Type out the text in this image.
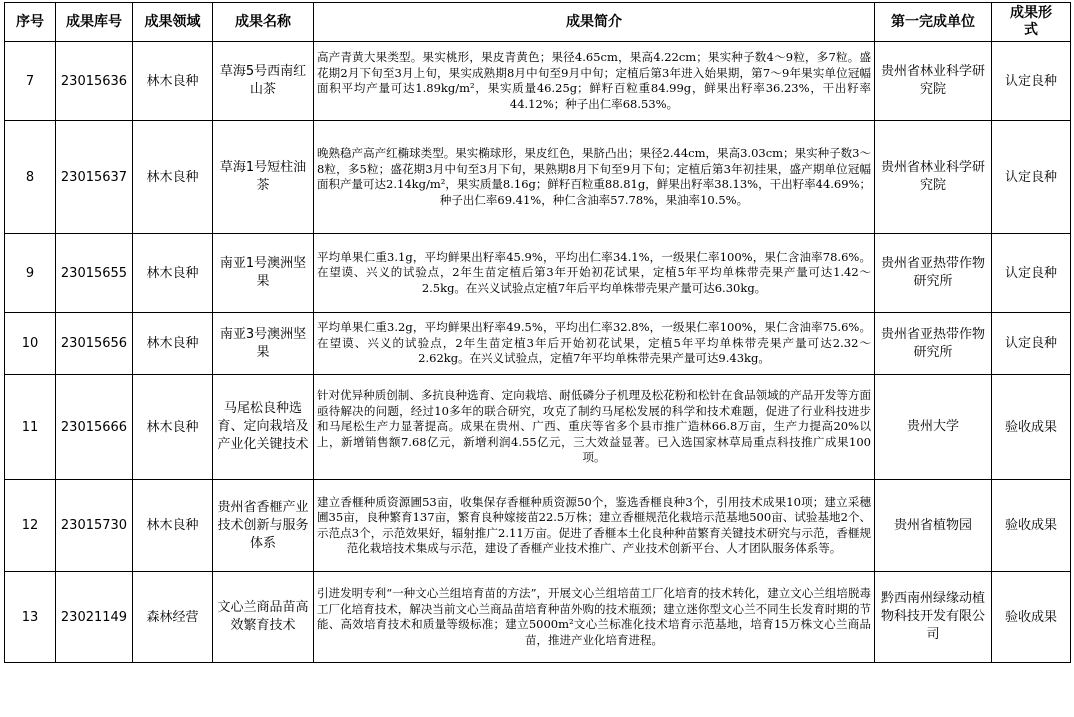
序号	成果库号	成果领域	成果名称	成果简介	第一完成单位	成果形式
7	23015636	林木良种	草海5号西南红山茶	高产青黄大果类型。果实桃形，果皮青黄色；果径4.65cm，果高4.22cm；果实种子数4～9粒，多7粒。盛花期2月下旬至3月上旬，果实成熟期8月中旬至9月中旬；定植后第3年进入始果期，第7～9年果实单位冠幅面积平均产量可达1.89kg/m²，果实质量46.25g；鲜籽百粒重84.99g，鲜果出籽率36.23%，干出籽率44.12%；种子出仁率68.53%。	贵州省林业科学研究院	认定良种
8	23015637	林木良种	草海1号短柱油茶	晚熟稳产高产红椭球类型。果实椭球形，果皮红色，果脐凸出；果径2.44cm，果高3.03cm；果实种子数3～8粒，多5粒；盛花期3月中旬至3月下旬，果熟期8月下旬至9月下旬；定植后第3年初挂果，盛产期单位冠幅面积产量可达2.14kg/m²，果实质量8.16g；鲜籽百粒重88.81g，鲜果出籽率38.13%，干出籽率44.69%；种子出仁率69.41%，种仁含油率57.78%，果油率10.5%。	贵州省林业科学研究院	认定良种
9	23015655	林木良种	南亚1号澳洲坚果	平均单果仁重3.1g，平均鲜果出籽率45.9%，平均出仁率34.1%，一级果仁率100%，果仁含油率78.6%。在望谟、兴义的试验点，2年生苗定植后第3年开始初花试果，定植5年平均单株带壳果产量可达1.42～2.5kg。在兴义试验点定植7年后平均单株带壳果产量可达6.30kg。	贵州省亚热带作物研究所	认定良种
10	23015656	林木良种	南亚3号澳洲坚果	平均单果仁重3.2g，平均鲜果出籽率49.5%，平均出仁率32.8%，一级果仁率100%，果仁含油率75.6%。在望谟、兴义的试验点，2年生苗定植3年后开始初花试果，定植5年平均单株带壳果产量可达2.32～2.62kg。在兴义试验点，定植7年平均单株带壳果产量可达9.43kg。	贵州省亚热带作物研究所	认定良种
11	23015666	林木良种	马尾松良种选育、定向栽培及产业化关键技术	针对优异种质创制、多抗良种选育、定向栽培、耐低磷分子机理及松花粉和松针在食品领域的产品开发等方面亟待解决的问题，经过10多年的联合研究，攻克了制约马尾松发展的科学和技术难题，促进了行业科技进步和马尾松生产力显著提高。成果在贵州、广西、重庆等省多个县市推广造林66.8万亩，生产力提高20%以上，新增销售额7.68亿元，新增利润4.55亿元，三大效益显著。已入选国家林草局重点科技推广成果100项。	贵州大学	验收成果
12	23015730	林木良种	贵州省香榧产业技术创新与服务体系	建立香榧种质资源圃53亩，收集保存香榧种质资源50个，鉴选香榧良种3个，引用技术成果10项；建立采穗圃35亩，良种繁育137亩，繁育良种嫁接苗22.5万株；建立香榧规范化栽培示范基地500亩、试验基地2个、示范点3个，示范效果好，辐射推广2.11万亩。促进了香榧本土化良种种苗繁育关键技术研究与示范，香榧规范化栽培技术集成与示范，建设了香榧产业技术推广、产业技术创新平台、人才团队服务体系等。	贵州省植物园	验收成果
13	23021149	森林经营	文心兰商品苗高效繁育技术	引进发明专利“一种文心兰组培育苗的方法”，开展文心兰组培苗工厂化培育的技术转化，建立文心兰组培脱毒工厂化培育技术，解决当前文心兰商品苗培育种苗外购的技术瓶颈；建立迷你型文心兰不同生长发育时期的节能、高效培育技术和质量等级标准；建立5000m²文心兰标准化技术培育示范基地，培育15万株文心兰商品苗，推进产业化培育进程。	黔西南州绿缘动植物科技开发有限公司	验收成果
